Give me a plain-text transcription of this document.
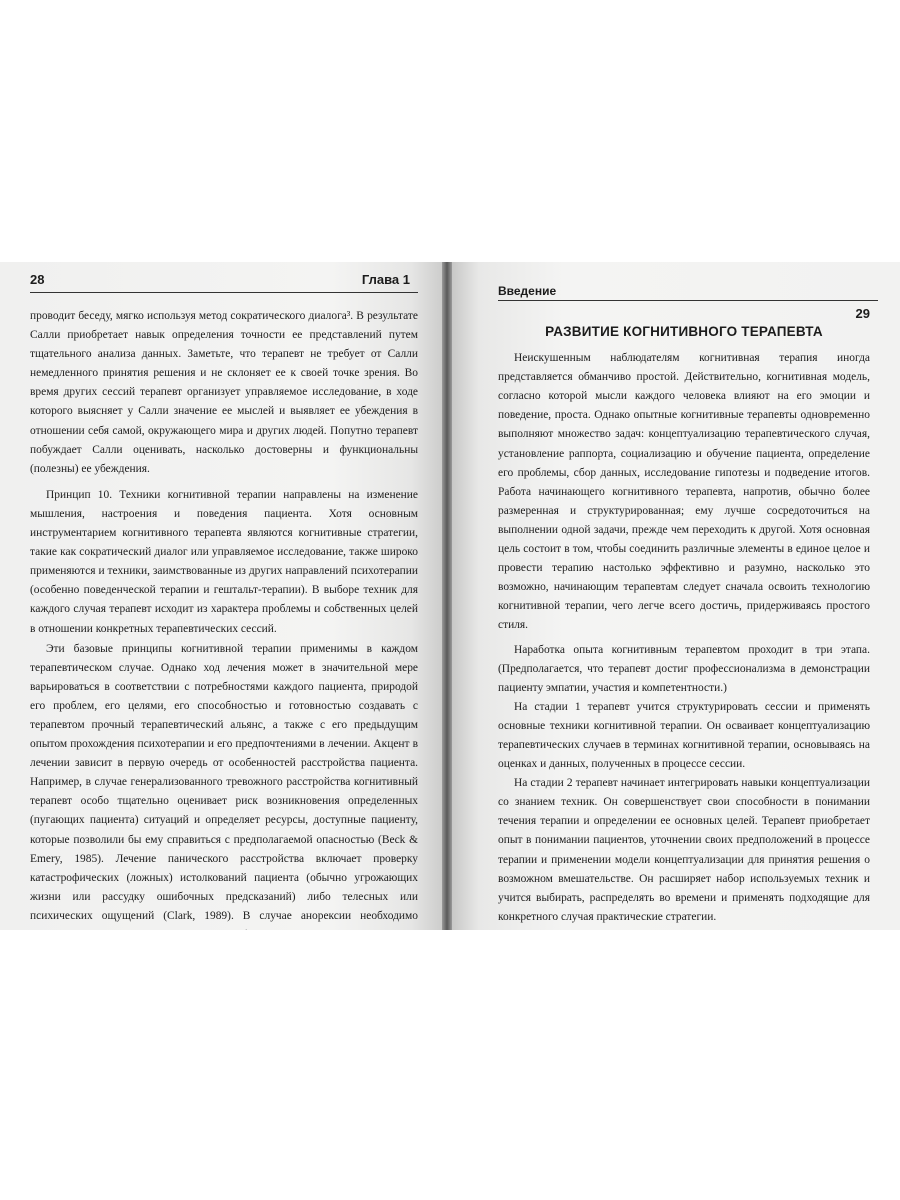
28	Глава 1

проводит беседу, мягко используя метод сократического диалога³. В результате Салли приобретает навык определения точности ее представлений путем тщательного анализа данных. Заметьте, что терапевт не требует от Салли немедленного принятия решения и не склоняет ее к своей точке зрения. Во время других сессий терапевт организует управляемое исследование, в ходе которого выясняет у Салли значение ее мыслей и выявляет ее убеждения в отношении себя самой, окружающего мира и других людей. Попутно терапевт побуждает Салли оценивать, насколько достоверны и функциональны (полезны) ее убеждения.

Принцип 10. Техники когнитивной терапии направлены на изменение мышления, настроения и поведения пациента. Хотя основным инструментарием когнитивного терапевта являются когнитивные стратегии, такие как сократический диалог или управляемое исследование, также широко применяются и техники, заимствованные из других направлений психотерапии (особенно поведенческой терапии и гештальт-терапии). В выборе техник для каждого случая терапевт исходит из характера проблемы и собственных целей в отношении конкретных терапевтических сессий.

Эти базовые принципы когнитивной терапии применимы в каждом терапевтическом случае. Однако ход лечения может в значительной мере варьироваться в соответствии с потребностями каждого пациента, природой его проблем, его целями, его способностью и готовностью создавать с терапевтом прочный терапевтический альянс, а также с его предыдущим опытом прохождения психотерапии и его предпочтениями в лечении. Акцент в лечении зависит в первую очередь от особенностей расстройства пациента. Например, в случае генерализованного тревожного расстройства когнитивный терапевт особо тщательно оценивает риск возникновения определенных (пугающих пациента) ситуаций и определяет ресурсы, доступные пациенту, которые позволили бы ему справиться с предполагаемой опасностью (Beck & Emery, 1985). Лечение панического расстройства включает проверку катастрофических (ложных) истолкований пациента (обычно угрожающих жизни или рассудку ошибочных предсказаний) либо телесных или психических ощущений (Clark, 1989). В случае анорексии необходимо

Введение
29
РАЗВИТИЕ КОГНИТИВНОГО ТЕРАПЕВТА

Неискушенным наблюдателям когнитивная терапия иногда представляется обманчиво простой. Действительно, когнитивная модель, согласно которой мысли каждого человека влияют на его эмоции и поведение, проста. Однако опытные когнитивные терапевты одновременно выполняют множество задач: концептуализацию терапевтического случая, установление раппорта, социализацию и обучение пациента, определение его проблемы, сбор данных, исследование гипотезы и подведение итогов. Работа начинающего когнитивного терапевта, напротив, обычно более размеренная и структурированная; ему лучше сосредоточиться на выполнении одной задачи, прежде чем переходить к другой. Хотя основная цель состоит в том, чтобы соединить различные элементы в единое целое и провести терапию настолько эффективно и разумно, насколько это возможно, начинающим терапевтам следует сначала освоить технологию когнитивной терапии, чего легче всего достичь, придерживаясь простого стиля.

Наработка опыта когнитивным терапевтом проходит в три этапа. (Предполагается, что терапевт достиг профессионализма в демонстрации пациенту эмпатии, участия и компетентности.)

На стадии 1 терапевт учится структурировать сессии и применять основные техники когнитивной терапии. Он осваивает концептуализацию терапевтических случаев в терминах когнитивной терапии, основываясь на оценках и данных, полученных в процессе сессии.

На стадии 2 терапевт начинает интегрировать навыки концептуализации со знанием техник. Он совершенствует свои способности в понимании течения терапии и определении ее основных целей. Терапевт приобретает опыт в понимании пациентов, уточнении своих предположений в процессе терапии и применении модели концептуализации для принятия решения о возможном вмешательстве. Он расширяет набор используемых техник и учится выбирать, распределять во времени и применять подходящие для конкретного случая практические стратегии.
